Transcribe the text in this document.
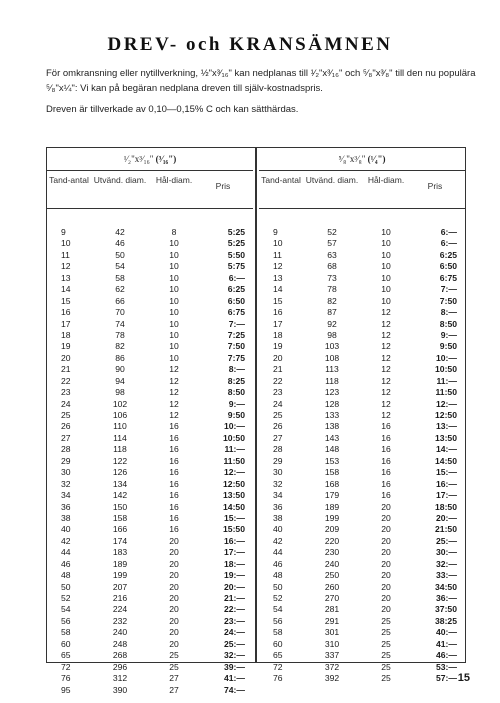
DREV- och KRANSÄMNEN

För omkransning eller nytillverkning, ½"x³⁄₁₆" kan nedplanas till ¹⁄₂"x³⁄₁₆" och ⁵⁄₈"x³⁄₈" till den nu populära ⁵⁄₈"x¼": Vi kan på begäran nedplana dreven till själv-kostnadspris.

Dreven är tillverkade av 0,10—0,15% C och kan sätthärdas.

¹⁄₂"x³⁄₁₆" (³⁄₁₆")
Tand-antal Utvänd. diam.	Hål-diam.
Pris
9	42	8	5:25
10	46	10	5:25
11	50	10	5:50
12	54	10	5:75
13	58	10	6:—
14	62	10	6:25
15	66	10	6:50
16	70	10	6:75
17	74	10	7:—
18	78	10	7:25
19	82	10	7:50
20	86	10	7:75
21	90	12	8:—
22	94	12	8:25
23	98	12	8:50
24	102	12	9:—
25	106	12	9:50
26	110	16	10:—
27	114	16	10:50
28	118	16	11:—
29	122	16	11:50
30	126	16	12:—
32	134	16	12:50
34	142	16	13:50
36	150	16	14:50
38	158	16	15:—
40	166	16	15:50
42	174	20	16:—
44	183	20	17:—
46	189	20	18:—
48	199	20	19:—
50	207	20	20:—
52	216	20	21:—
54	224	20	22:—
56	232	20	23:—
58	240	20	24:—
60	248	20	25:—
65	268	25	32:—
72	296	25	39:—
76	312	27	41:—
95	390	27	74:—
⁵⁄₈"x³⁄₈" (¹⁄₄")
Tand-antal Utvänd. diam.	Hål-diam.
Pris
9	52	10	6:—
10	57	10	6:—
11	63	10	6:25
12	68	10	6:50
13	73	10	6:75
14	78	10	7:—
15	82	10	7:50
16	87	12	8:—
17	92	12	8:50
18	98	12	9:—
19	103	12	9:50
20	108	12	10:—
21	113	12	10:50
22	118	12	11:—
23	123	12	11:50
24	128	12	12:—
25	133	12	12:50
26	138	16	13:—
27	143	16	13:50
28	148	16	14:—
29	153	16	14:50
30	158	16	15:—
32	168	16	16:—
34	179	16	17:—
36	189	20	18:50
38	199	20	20:—
40	209	20	21:50
42	220	20	25:—
44	230	20	30:—
46	240	20	32:—
48	250	20	33:—
50	260	20	34:50
52	270	20	36:—
54	281	20	37:50
56	291	25	38:25
58	301	25	40:—
60	310	25	41:—
65	337	25	46:—
72	372	25	53:—
76	392	25	57:— 15
